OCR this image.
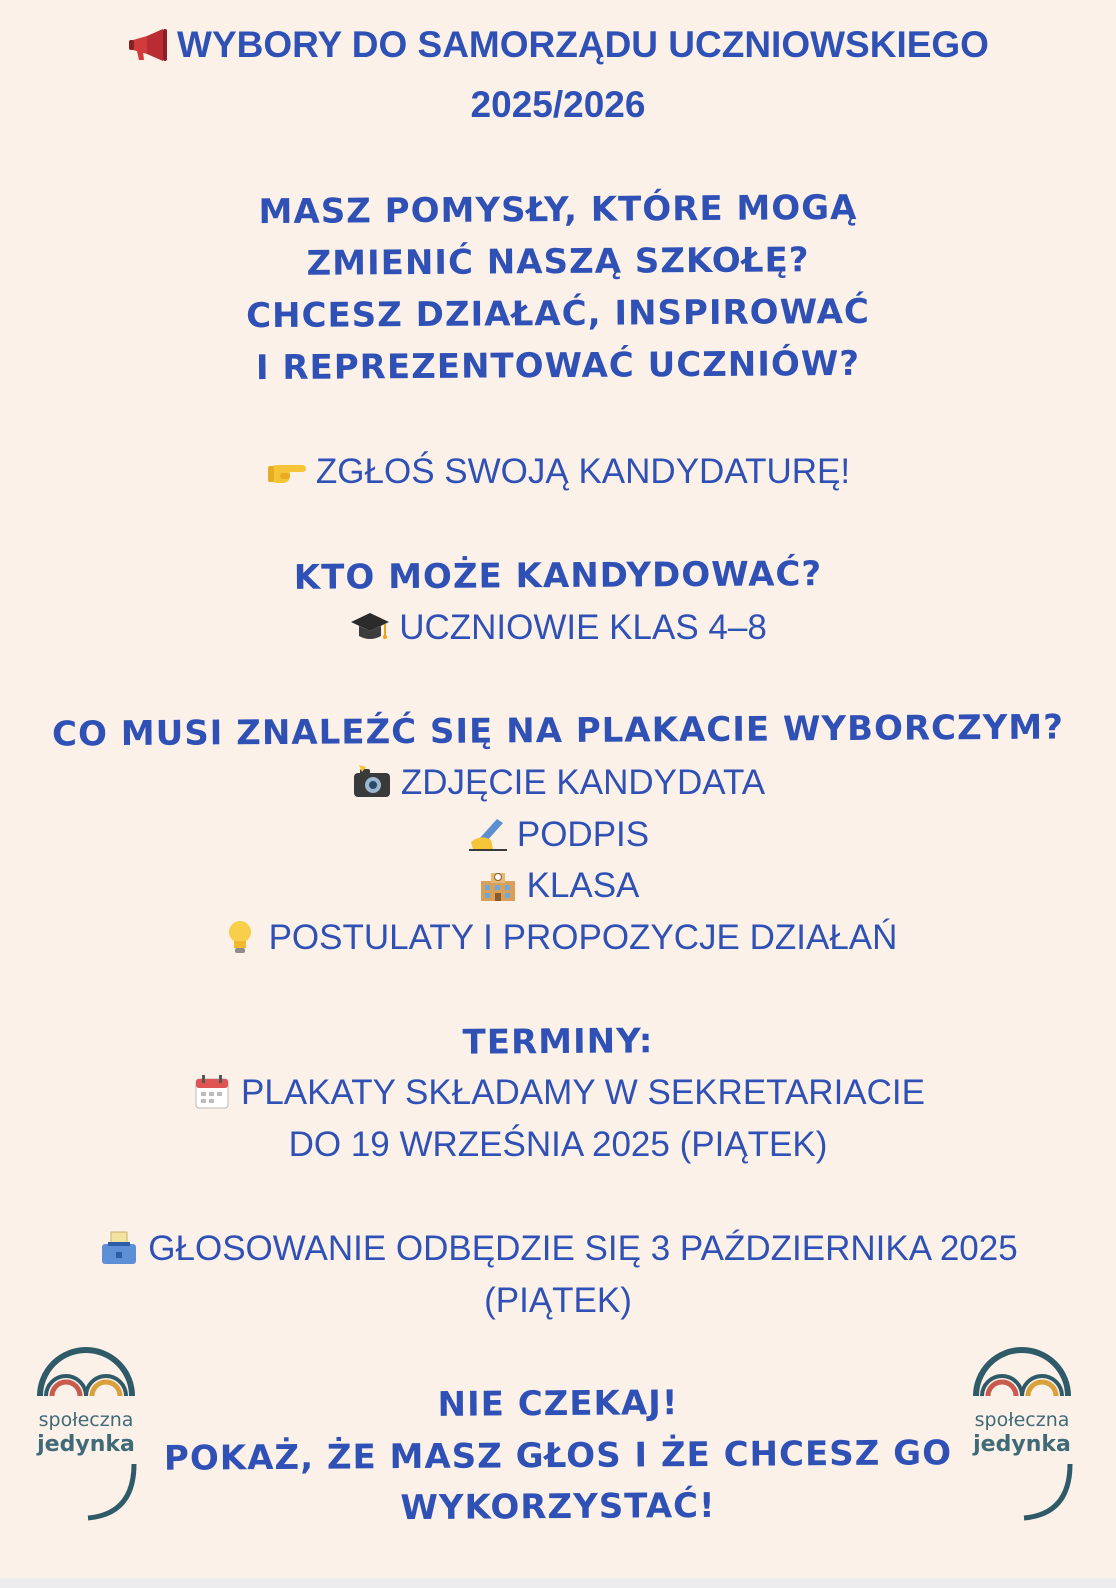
WYBORY DO SAMORZĄDU UCZNIOWSKIEGO
2025/2026
MASZ POMYSŁY, KTÓRE MOGĄ
ZMIENIĆ NASZĄ SZKOŁĘ?
CHCESZ DZIAŁAĆ, INSPIROWAĆ
I REPREZENTOWAĆ UCZNIÓW?
ZGŁOŚ SWOJĄ KANDYDATURĘ!
KTO MOŻE KANDYDOWAĆ?
UCZNIOWIE KLAS 4–8
CO MUSI ZNALEŹĆ SIĘ NA PLAKACIE WYBORCZYM?
ZDJĘCIE KANDYDATA
PODPIS
KLASA
POSTULATY I PROPOZYCJE DZIAŁAŃ
TERMINY:
PLAKATY SKŁADAMY W SEKRETARIACIE
DO 19 WRZEŚNIA 2025 (PIĄTEK)
GŁOSOWANIE ODBĘDZIE SIĘ 3 PAŹDZIERNIKA 2025
(PIĄTEK)
NIE CZEKAJ!
POKAŻ, ŻE MASZ GŁOS I ŻE CHCESZ GO
WYKORZYSTAĆ!
społeczna
jedynka
społeczna
jedynka
